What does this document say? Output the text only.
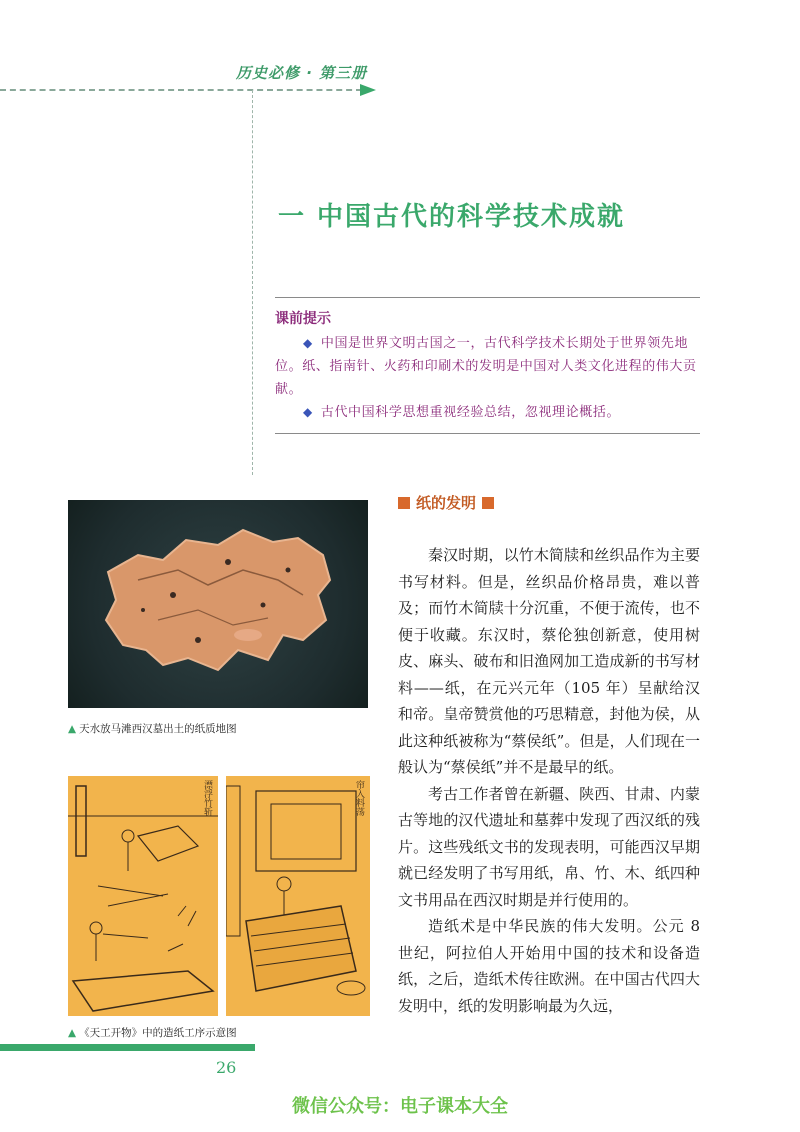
历史必修 · 第三册
一 中国古代的科学技术成就
课前提示

◆ 中国是世界文明古国之一，古代科学技术长期处于世界领先地位。纸、指南针、火药和印刷术的发明是中国对人类文化进程的伟大贡献。

◆ 古代中国科学思想重视经验总结，忽视理论概括。

▲ 天水放马滩西汉墓出土的纸质地图
漂浮竹斩	帘入料荡
▲ 《天工开物》中的造纸工序示意图
纸的发明

秦汉时期，以竹木简牍和丝织品作为主要书写材料。但是，丝织品价格昂贵，难以普及；而竹木简牍十分沉重，不便于流传，也不便于收藏。东汉时，蔡伦独创新意，使用树皮、麻头、破布和旧渔网加工造成新的书写材料——纸，在元兴元年（105 年）呈献给汉和帝。皇帝赞赏他的巧思精意，封他为侯，从此这种纸被称为“蔡侯纸”。但是，人们现在一般认为“蔡侯纸”并不是最早的纸。

考古工作者曾在新疆、陕西、甘肃、内蒙古等地的汉代遗址和墓葬中发现了西汉纸的残片。这些残纸文书的发现表明，可能西汉早期就已经发明了书写用纸，帛、竹、木、纸四种文书用品在西汉时期是并行使用的。

造纸术是中华民族的伟大发明。公元 8 世纪，阿拉伯人开始用中国的技术和设备造纸，之后，造纸术传往欧洲。在中国古代四大发明中，纸的发明影响最为久远，

26
微信公众号：电子课本大全
